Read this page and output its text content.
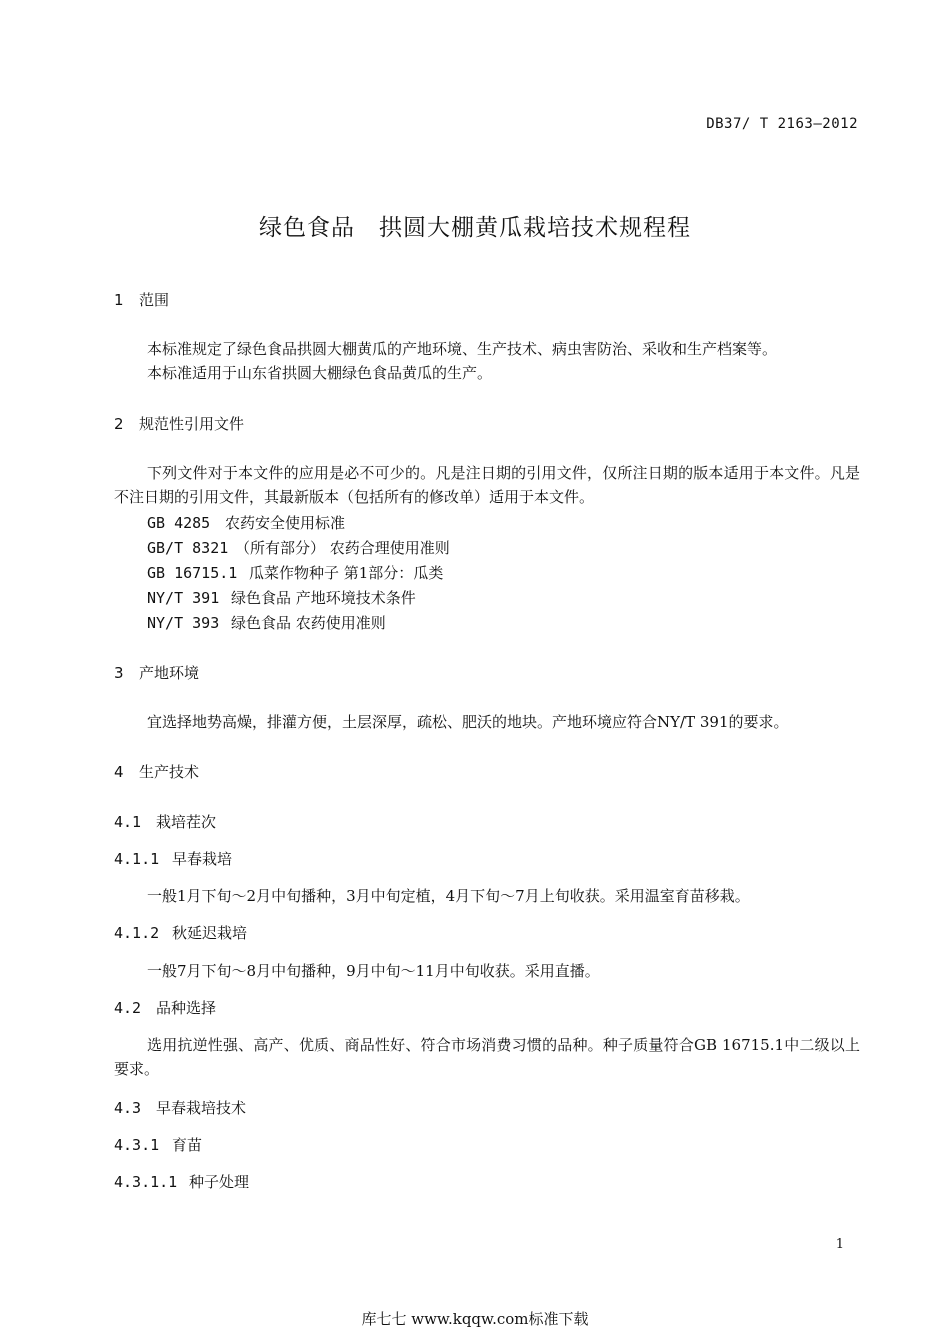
DB37/ T 2163—2012
绿色食品　拱圆大棚黄瓜栽培技术规程程
1 范围
本标准规定了绿色食品拱圆大棚黄瓜的产地环境、生产技术、病虫害防治、采收和生产档案等。
本标准适用于山东省拱圆大棚绿色食品黄瓜的生产。
2 规范性引用文件
下列文件对于本文件的应用是必不可少的。凡是注日期的引用文件，仅所注日期的版本适用于本文件。凡是不注日期的引用文件，其最新版本（包括所有的修改单）适用于本文件。
GB 4285 农药安全使用标准
GB/T 8321 （所有部分） 农药合理使用准则
GB 16715.1 瓜菜作物种子 第1部分：瓜类
NY/T 391 绿色食品 产地环境技术条件
NY/T 393 绿色食品 农药使用准则
3 产地环境
宜选择地势高燥，排灌方便，土层深厚，疏松、肥沃的地块。产地环境应符合NY/T 391的要求。
4 生产技术
4.1 栽培茬次
4.1.1 早春栽培
一般1月下旬～2月中旬播种，3月中旬定植，4月下旬～7月上旬收获。采用温室育苗移栽。
4.1.2 秋延迟栽培
一般7月下旬～8月中旬播种，9月中旬～11月中旬收获。采用直播。
4.2 品种选择
选用抗逆性强、高产、优质、商品性好、符合市场消费习惯的品种。种子质量符合GB 16715.1中二级以上要求。
4.3 早春栽培技术
4.3.1 育苗
4.3.1.1 种子处理
1
库七七 www.kqqw.com标准下载
